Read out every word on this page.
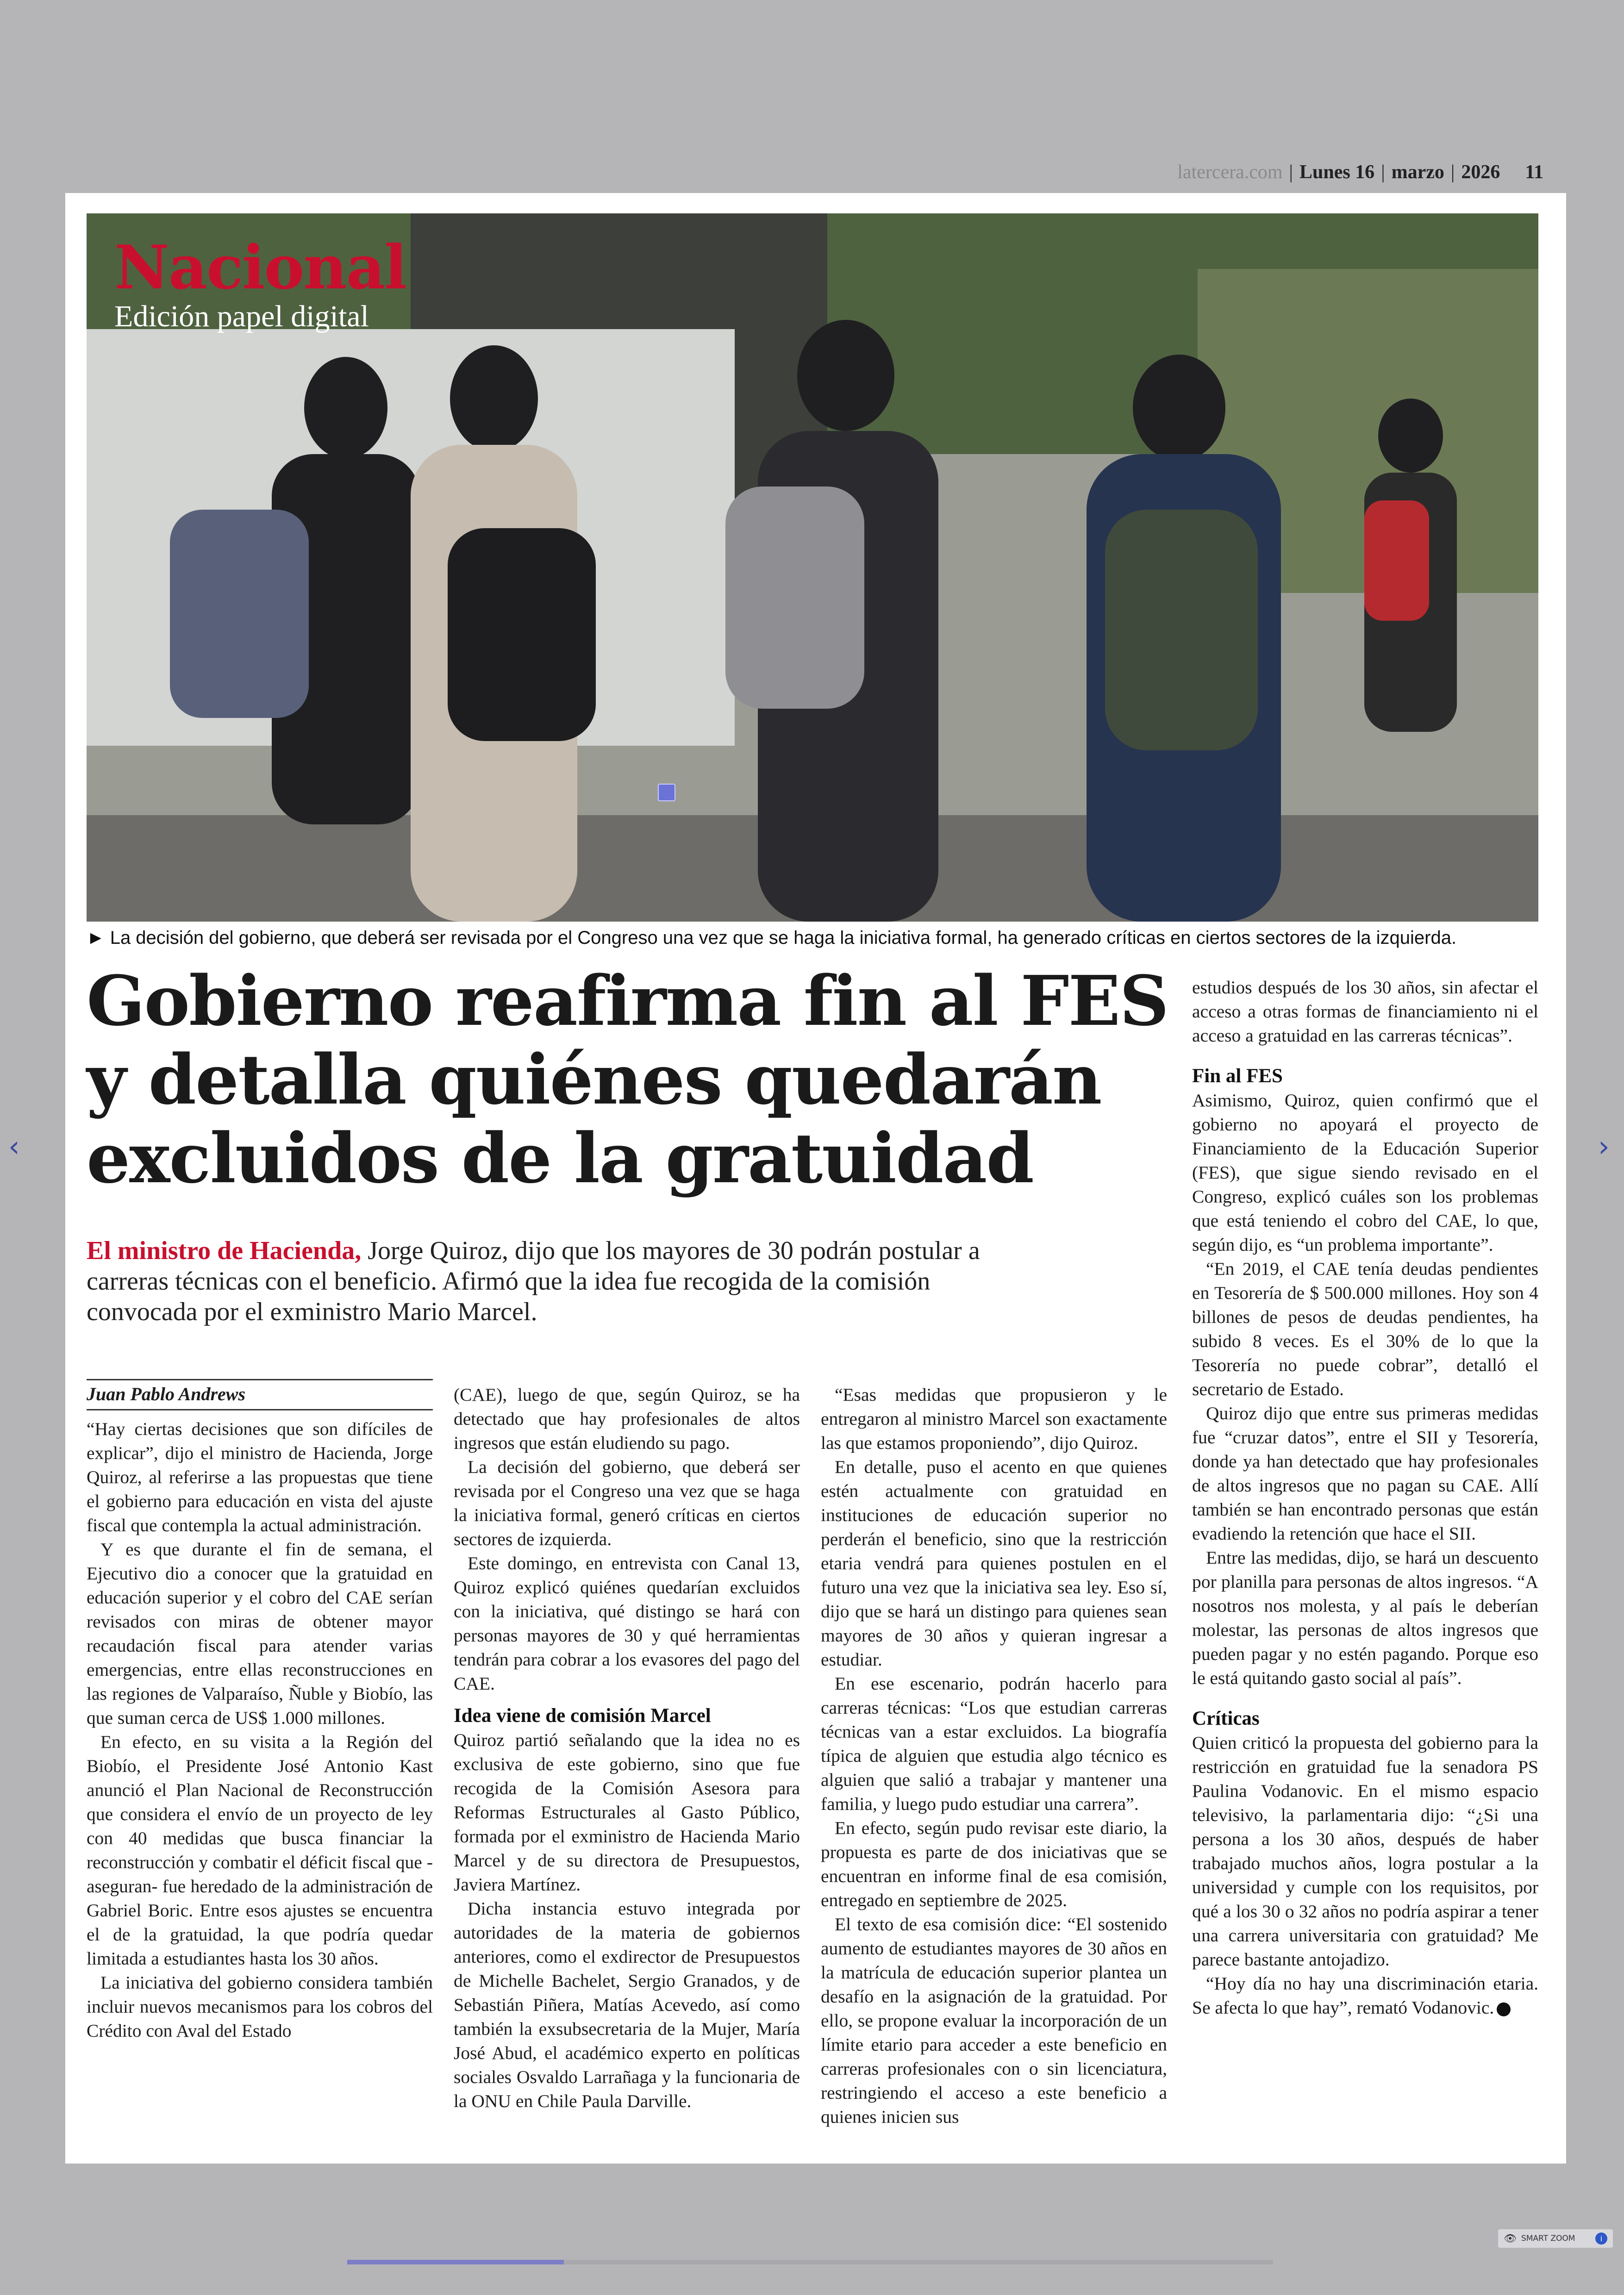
latercera.com | Lunes 16 | marzo | 2026 11
Nacional
Edición papel digital
► La decisión del gobierno, que deberá ser revisada por el Congreso una vez que se haga la iniciativa formal, ha generado críticas en ciertos sectores de la izquierda.
Gobierno reafirma fin al FES
y detalla quiénes quedarán
excluidos de la gratuidad
El ministro de Hacienda, Jorge Quiroz, dijo que los mayores de 30 podrán postular a carreras técnicas con el beneficio. Afirmó que la idea fue recogida de la comisión convocada por el exministro Mario Marcel.
Juan Pablo Andrews

“Hay ciertas decisiones que son difíciles de explicar”, dijo el ministro de Hacienda, Jorge Quiroz, al referirse a las propuestas que tiene el gobierno para educación en vista del ajuste fiscal que contempla la actual administración.

Y es que durante el fin de semana, el Ejecutivo dio a conocer que la gratuidad en educación superior y el cobro del CAE serían revisados con miras de obtener mayor recaudación fiscal para atender varias emergencias, entre ellas reconstrucciones en las regiones de Valparaíso, Ñuble y Biobío, las que suman cerca de US$ 1.000 millones.

En efecto, en su visita a la Región del Biobío, el Presidente José Antonio Kast anunció el Plan Nacional de Reconstrucción que considera el envío de un proyecto de ley con 40 medidas que busca financiar la reconstrucción y combatir el déficit fiscal que -aseguran- fue heredado de la administración de Gabriel Boric. Entre esos ajustes se encuentra el de la gratuidad, la que podría quedar limitada a estudiantes hasta los 30 años.

La iniciativa del gobierno considera también incluir nuevos mecanismos para los cobros del Crédito con Aval del Estado

(CAE), luego de que, según Quiroz, se ha detectado que hay profesionales de altos ingresos que están eludiendo su pago.

La decisión del gobierno, que deberá ser revisada por el Congreso una vez que se haga la iniciativa formal, generó críticas en ciertos sectores de izquierda.

Este domingo, en entrevista con Canal 13, Quiroz explicó quiénes quedarían excluidos con la iniciativa, qué distingo se hará con personas mayores de 30 y qué herramientas tendrán para cobrar a los evasores del pago del CAE.

Idea viene de comisión Marcel

Quiroz partió señalando que la idea no es exclusiva de este gobierno, sino que fue recogida de la Comisión Asesora para Reformas Estructurales al Gasto Público, formada por el exministro de Hacienda Mario Marcel y de su directora de Presupuestos, Javiera Martínez.

Dicha instancia estuvo integrada por autoridades de la materia de gobiernos anteriores, como el exdirector de Presupuestos de Michelle Bachelet, Sergio Granados, y de Sebastián Piñera, Matías Acevedo, así como también la exsubsecretaria de la Mujer, María José Abud, el académico experto en políticas sociales Osvaldo Larrañaga y la funcionaria de la ONU en Chile Paula Darville.

“Esas medidas que propusieron y le entregaron al ministro Marcel son exactamente las que estamos proponiendo”, dijo Quiroz.

En detalle, puso el acento en que quienes estén actualmente con gratuidad en instituciones de educación superior no perderán el beneficio, sino que la restricción etaria vendrá para quienes postulen en el futuro una vez que la iniciativa sea ley. Eso sí, dijo que se hará un distingo para quienes sean mayores de 30 años y quieran ingresar a estudiar.

En ese escenario, podrán hacerlo para carreras técnicas: “Los que estudian carreras técnicas van a estar excluidos. La biografía típica de alguien que estudia algo técnico es alguien que salió a trabajar y mantener una familia, y luego pudo estudiar una carrera”.

En efecto, según pudo revisar este diario, la propuesta es parte de dos iniciativas que se encuentran en informe final de esa comisión, entregado en septiembre de 2025.

El texto de esa comisión dice: “El sostenido aumento de estudiantes mayores de 30 años en la matrícula de educación superior plantea un desafío en la asignación de la gratuidad. Por ello, se propone evaluar la incorporación de un límite etario para acceder a este beneficio en carreras profesionales con o sin licenciatura, restringiendo el acceso a este beneficio a quienes inicien sus

estudios después de los 30 años, sin afectar el acceso a otras formas de financiamiento ni el acceso a gratuidad en las carreras técnicas”.

Fin al FES

Asimismo, Quiroz, quien confirmó que el gobierno no apoyará el proyecto de Financiamiento de la Educación Superior (FES), que sigue siendo revisado en el Congreso, explicó cuáles son los problemas que está teniendo el cobro del CAE, lo que, según dijo, es “un problema importante”.

“En 2019, el CAE tenía deudas pendientes en Tesorería de $ 500.000 millones. Hoy son 4 billones de pesos de deudas pendientes, ha subido 8 veces. Es el 30% de lo que la Tesorería no puede cobrar”, detalló el secretario de Estado.

Quiroz dijo que entre sus primeras medidas fue “cruzar datos”, entre el SII y Tesorería, donde ya han detectado que hay profesionales de altos ingresos que no pagan su CAE. Allí también se han encontrado personas que están evadiendo la retención que hace el SII.

Entre las medidas, dijo, se hará un descuento por planilla para personas de altos ingresos. “A nosotros nos molesta, y al país le deberían molestar, las personas de altos ingresos que pueden pagar y no estén pagando. Porque eso le está quitando gasto social al país”.

Críticas

Quien criticó la propuesta del gobierno para la restricción en gratuidad fue la senadora PS Paulina Vodanovic. En el mismo espacio televisivo, la parlamentaria dijo: “¿Si una persona a los 30 años, después de haber trabajado muchos años, logra postular a la universidad y cumple con los requisitos, por qué a los 30 o 32 años no podría aspirar a tener una carrera universitaria con gratuidad? Me parece bastante antojadizo.

“Hoy día no hay una discriminación etaria. Se afecta lo que hay”, remató Vodanovic.

‹	›
👁 SMART ZOOM	i
